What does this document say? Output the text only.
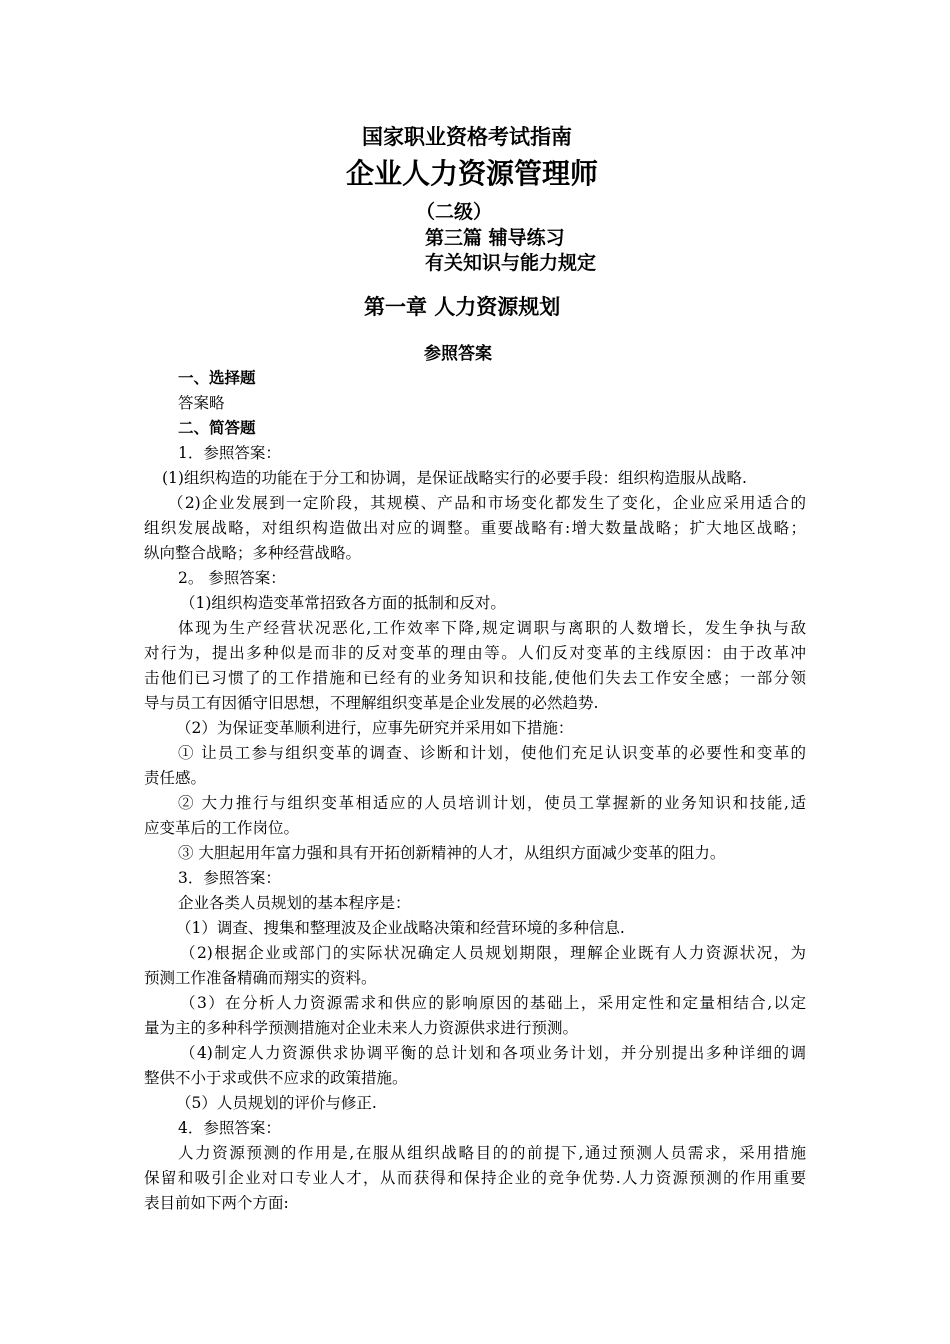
国家职业资格考试指南
企业人力资源管理师
（二级）
第三篇 辅导练习
有关知识与能力规定
第一章 人力资源规划
参照答案
一、选择题
答案略
二、简答题
1．参照答案：
(1)组织构造的功能在于分工和协调，是保证战略实行的必要手段：组织构造服从战略.
（2)企业发展到一定阶段，其规模、产品和市场变化都发生了变化，企业应采用适合的
组织发展战略，对组织构造做出对应的调整。重要战略有:增大数量战略；扩大地区战略；
纵向整合战略；多种经营战略。
2。 参照答案：
（1)组织构造变革常招致各方面的抵制和反对。
体现为生产经营状况恶化,工作效率下降,规定调职与离职的人数增长，发生争执与敌
对行为，提出多种似是而非的反对变革的理由等。人们反对变革的主线原因：由于改革冲
击他们已习惯了的工作措施和已经有的业务知识和技能,使他们失去工作安全感；一部分领
导与员工有因循守旧思想，不理解组织变革是企业发展的必然趋势.
（2）为保证变革顺利进行，应事先研究并采用如下措施：
① 让员工参与组织变革的调查、诊断和计划，使他们充足认识变革的必要性和变革的
责任感。
② 大力推行与组织变革相适应的人员培训计划，使员工掌握新的业务知识和技能,适
应变革后的工作岗位。
③ 大胆起用年富力强和具有开拓创新精神的人才，从组织方面减少变革的阻力。
3．参照答案：
企业各类人员规划的基本程序是：
（1）调查、搜集和整理波及企业战略决策和经营环境的多种信息.
（2)根据企业或部门的实际状况确定人员规划期限，理解企业既有人力资源状况，为
预测工作准备精确而翔实的资料。
（3）在分析人力资源需求和供应的影响原因的基础上，采用定性和定量相结合,以定
量为主的多种科学预测措施对企业未来人力资源供求进行预测。
（4)制定人力资源供求协调平衡的总计划和各项业务计划，并分别提出多种详细的调
整供不小于求或供不应求的政策措施。
（5）人员规划的评价与修正.
4．参照答案：
人力资源预测的作用是,在服从组织战略目的的前提下,通过预测人员需求，采用措施
保留和吸引企业对口专业人才，从而获得和保持企业的竞争优势.人力资源预测的作用重要
表目前如下两个方面:
